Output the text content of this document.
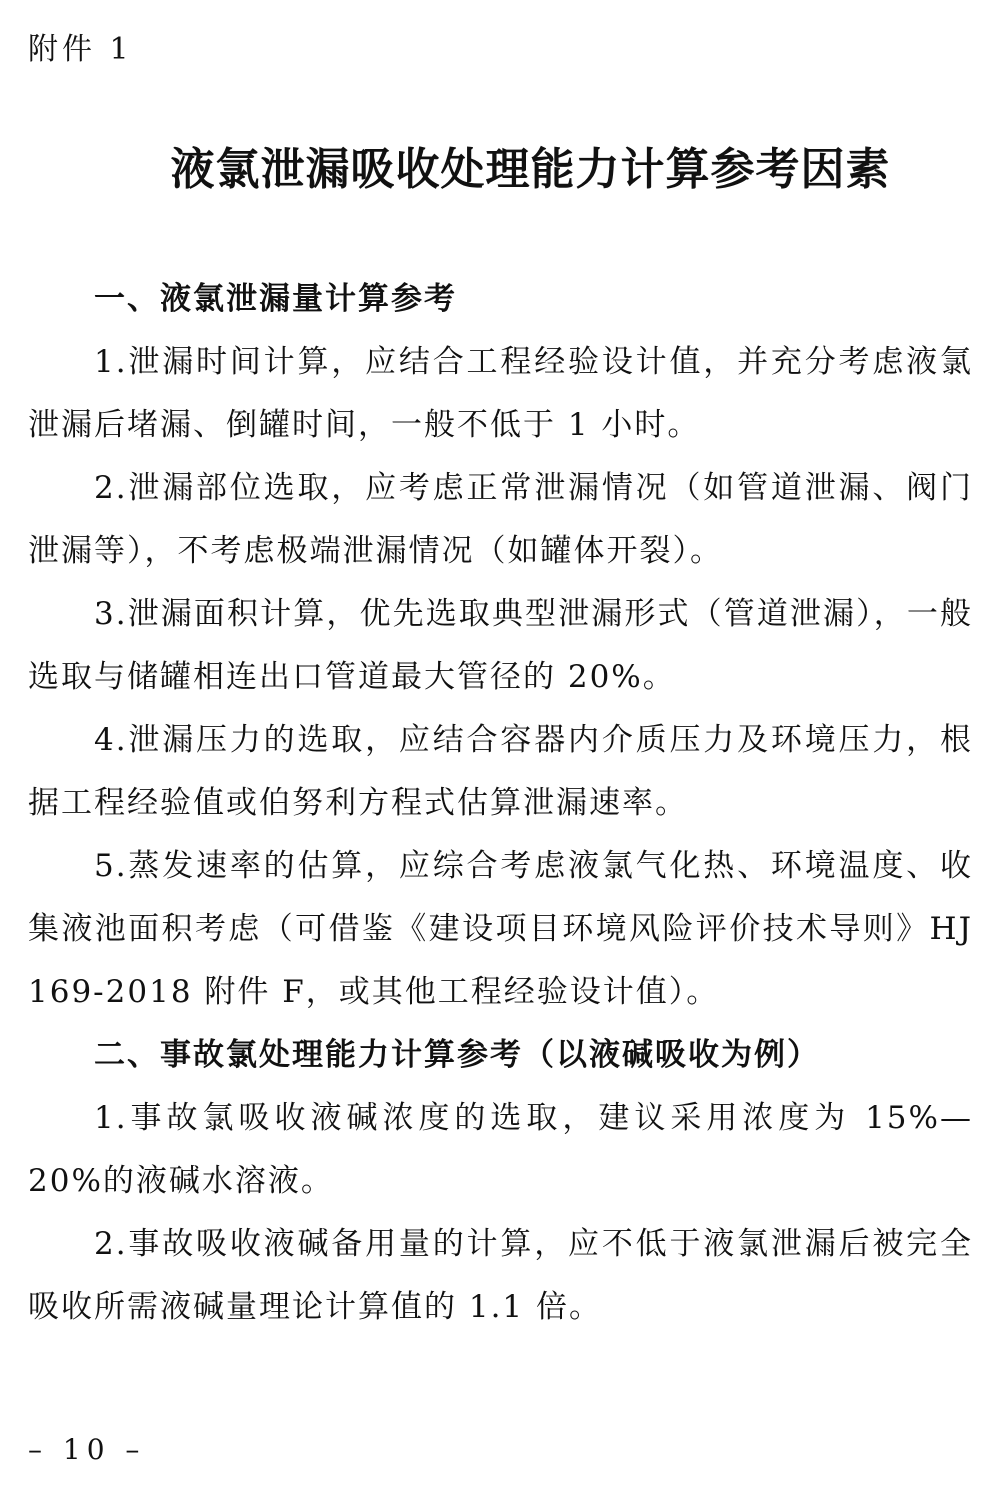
附件 1
液氯泄漏吸收处理能力计算参考因素

一、液氯泄漏量计算参考

1.泄漏时间计算，应结合工程经验设计值，并充分考虑液氯泄漏后堵漏、倒罐时间，一般不低于 1 小时。

2.泄漏部位选取，应考虑正常泄漏情况（如管道泄漏、阀门泄漏等），不考虑极端泄漏情况（如罐体开裂）。

3.泄漏面积计算，优先选取典型泄漏形式（管道泄漏），一般选取与储罐相连出口管道最大管径的 20%。

4.泄漏压力的选取，应结合容器内介质压力及环境压力，根据工程经验值或伯努利方程式估算泄漏速率。

5.蒸发速率的估算，应综合考虑液氯气化热、环境温度、收集液池面积考虑（可借鉴《建设项目环境风险评价技术导则》HJ 169-2018 附件 F，或其他工程经验设计值）。

二、事故氯处理能力计算参考（以液碱吸收为例）

1.事故氯吸收液碱浓度的选取，建议采用浓度为 15%—20%的液碱水溶液。

2.事故吸收液碱备用量的计算，应不低于液氯泄漏后被完全吸收所需液碱量理论计算值的 1.1 倍。

– 10 –
